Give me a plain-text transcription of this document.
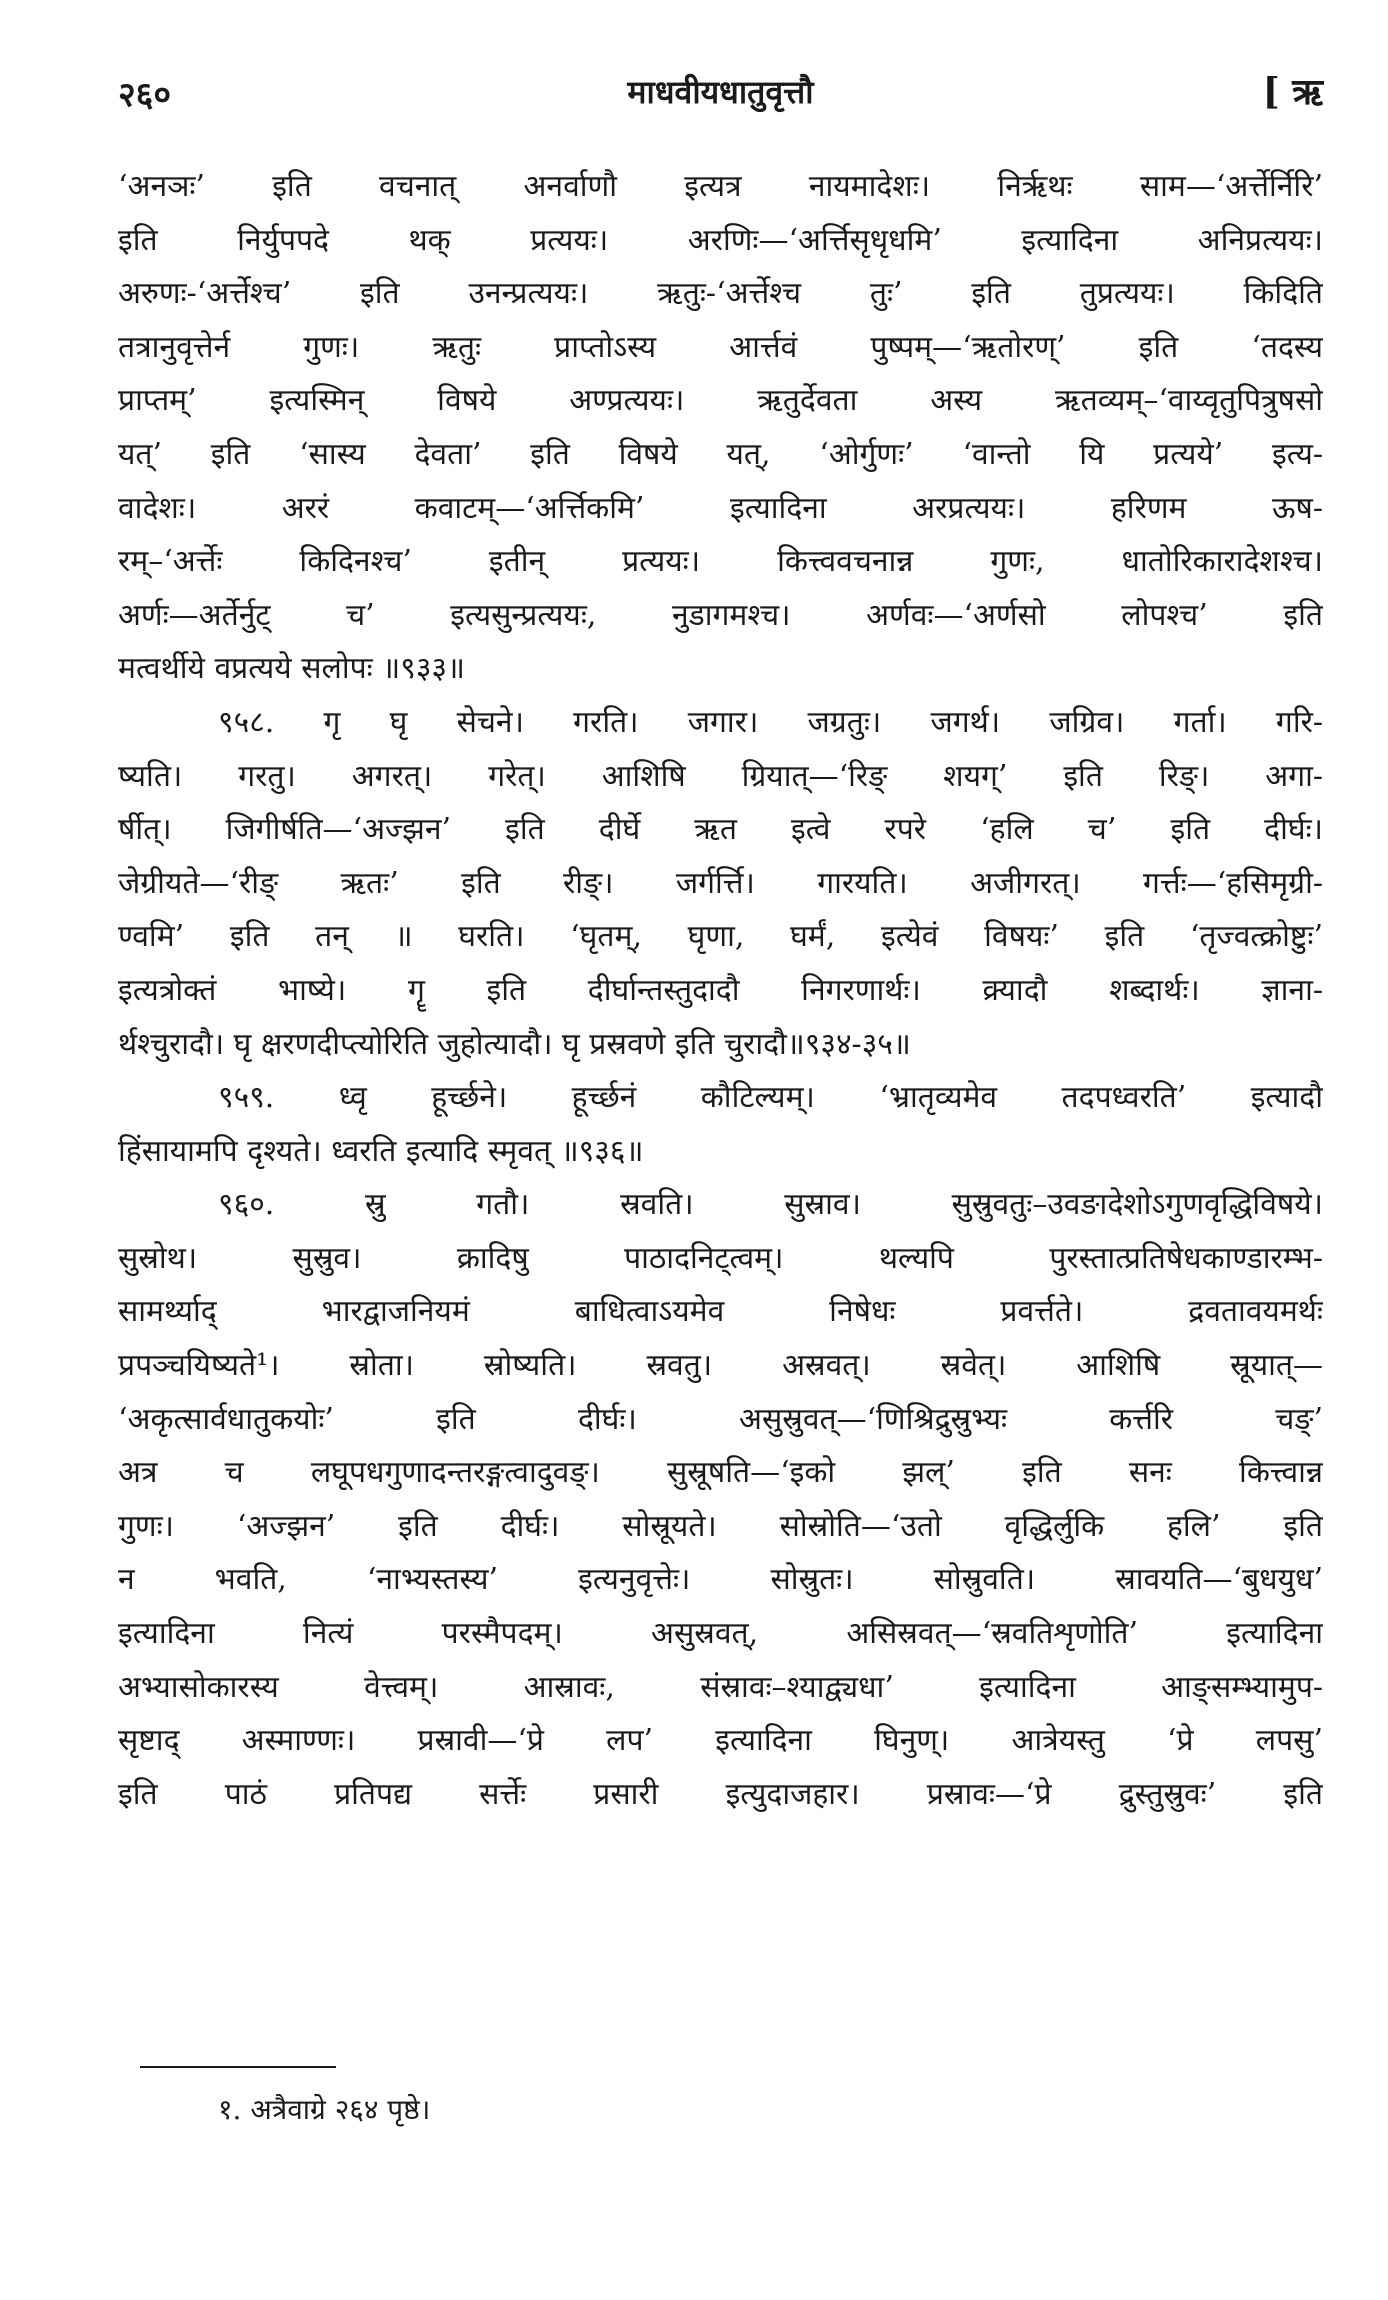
२६०	माधवीयधातुवृत्तौ	[ ऋ
‘अनञः’ इति वचनात् अनर्वाणौ इत्यत्र नायमादेशः। निर्ऋथः साम—‘अर्त्तेर्निरि’
इति निर्युपपदे थक् प्रत्ययः। अरणिः—‘अर्त्तिसृधृधमि’ इत्यादिना अनिप्रत्ययः।
अरुणः-‘अर्त्तेश्च’ इति उनन्प्रत्ययः। ऋतुः-‘अर्त्तेश्च तुः’ इति तुप्रत्ययः। किदिति
तत्रानुवृत्तेर्न गुणः। ऋतुः प्राप्तोऽस्य आर्त्तवं पुष्पम्—‘ऋतोरण्’ इति ‘तदस्य
प्राप्तम्’ इत्यस्मिन् विषये अण्प्रत्ययः। ऋतुर्देवता अस्य ऋतव्यम्–‘वाय्वृतुपित्रुषसो
यत्’ इति ‘सास्य देवता’ इति विषये यत्, ‘ओर्गुणः’ ‘वान्तो यि प्रत्यये’ इत्य-
वादेशः। अररं कवाटम्—‘अर्त्तिकमि’ इत्यादिना अरप्रत्ययः। हरिणम ऊष-
रम्–‘अर्त्तेः किदिनश्च’ इतीन् प्रत्ययः। कित्त्ववचनान्न गुणः, धातोरिकारादेशश्च।
अर्णः—अर्तेर्नुट् च’ इत्यसुन्प्रत्ययः, नुडागमश्च। अर्णवः—‘अर्णसो लोपश्च’ इति
मत्वर्थीये वप्रत्यये सलोपः ॥९३३॥
९५८. गृ घृ सेचने। गरति। जगार। जग्रतुः। जगर्थ। जग्रिव। गर्ता। गरि-
ष्यति। गरतु। अगरत्। गरेत्। आशिषि ग्रियात्—‘रिङ् शयग्’ इति रिङ्। अगा-
र्षीत्। जिगीर्षति—‘अज्झन’ इति दीर्घे ऋत इत्वे रपरे ‘हलि च’ इति दीर्घः।
जेग्रीयते—‘रीङ् ऋतः’ इति रीङ्। जर्गर्त्ति। गारयति। अजीगरत्। गर्त्तः—‘हसिमृग्री-
ण्वमि’ इति तन् ॥ घरति। ‘घृतम्, घृणा, घर्मं, इत्येवं विषयः’ इति ‘तृज्वत्क्रोष्टुः’
इत्यत्रोक्तं भाष्ये। गॄ इति दीर्घान्तस्तुदादौ निगरणार्थः। क्र्यादौ शब्दार्थः। ज्ञाना-
र्थश्चुरादौ। घृ क्षरणदीप्त्योरिति जुहोत्यादौ। घृ प्रस्रवणे इति चुरादौ॥९३४-३५॥
९५९. ध्वृ हूर्च्छने। हूर्च्छनं कौटिल्यम्। ‘भ्रातृव्यमेव तदपध्वरति’ इत्यादौ
हिंसायामपि दृश्यते। ध्वरति इत्यादि स्मृवत् ॥९३६॥
९६०. स्रु गतौ। स्रवति। सुस्राव। सुस्रुवतुः–उवङादेशोऽगुणवृद्धिविषये।
सुस्रोथ। सुस्रुव। क्रादिषु पाठादनिट्त्वम्। थल्यपि पुरस्तात्प्रतिषेधकाण्डारम्भ-
सामर्थ्याद् भारद्वाजनियमं बाधित्वाऽयमेव निषेधः प्रवर्त्तते। द्रवतावयमर्थः
प्रपञ्चयिष्यते¹। स्रोता। स्रोष्यति। स्रवतु। अस्रवत्। स्रवेत्। आशिषि स्रूयात्—
‘अकृत्सार्वधातुकयोः’ इति दीर्घः। असुस्रुवत्—‘णिश्रिद्रुस्रुभ्यः कर्त्तरि चङ्’
अत्र च लघूपधगुणादन्तरङ्गत्वादुवङ्। सुस्रूषति—‘इको झल्’ इति सनः कित्त्वान्न
गुणः। ‘अज्झन’ इति दीर्घः। सोस्रूयते। सोस्रोति—‘उतो वृद्धिर्लुकि हलि’ इति
न भवति, ‘नाभ्यस्तस्य’ इत्यनुवृत्तेः। सोस्रुतः। सोस्रुवति। स्रावयति—‘बुधयुध’
इत्यादिना नित्यं परस्मैपदम्। असुस्रवत्, असिस्रवत्—‘स्रवतिशृणोति’ इत्यादिना
अभ्यासोकारस्य वेत्त्वम्। आस्रावः, संस्रावः–श्याद्व्यधा’ इत्यादिना आङ्सम्भ्यामुप-
सृष्टाद् अस्माण्णः। प्रस्रावी—‘प्रे लप’ इत्यादिना घिनुण्। आत्रेयस्तु ‘प्रे लपसु’
इति पाठं प्रतिपद्य सर्त्तेः प्रसारी इत्युदाजहार। प्रस्रावः—‘प्रे द्रुस्तुस्रुवः’ इति
१. अत्रैवाग्रे २६४ पृष्ठे।
